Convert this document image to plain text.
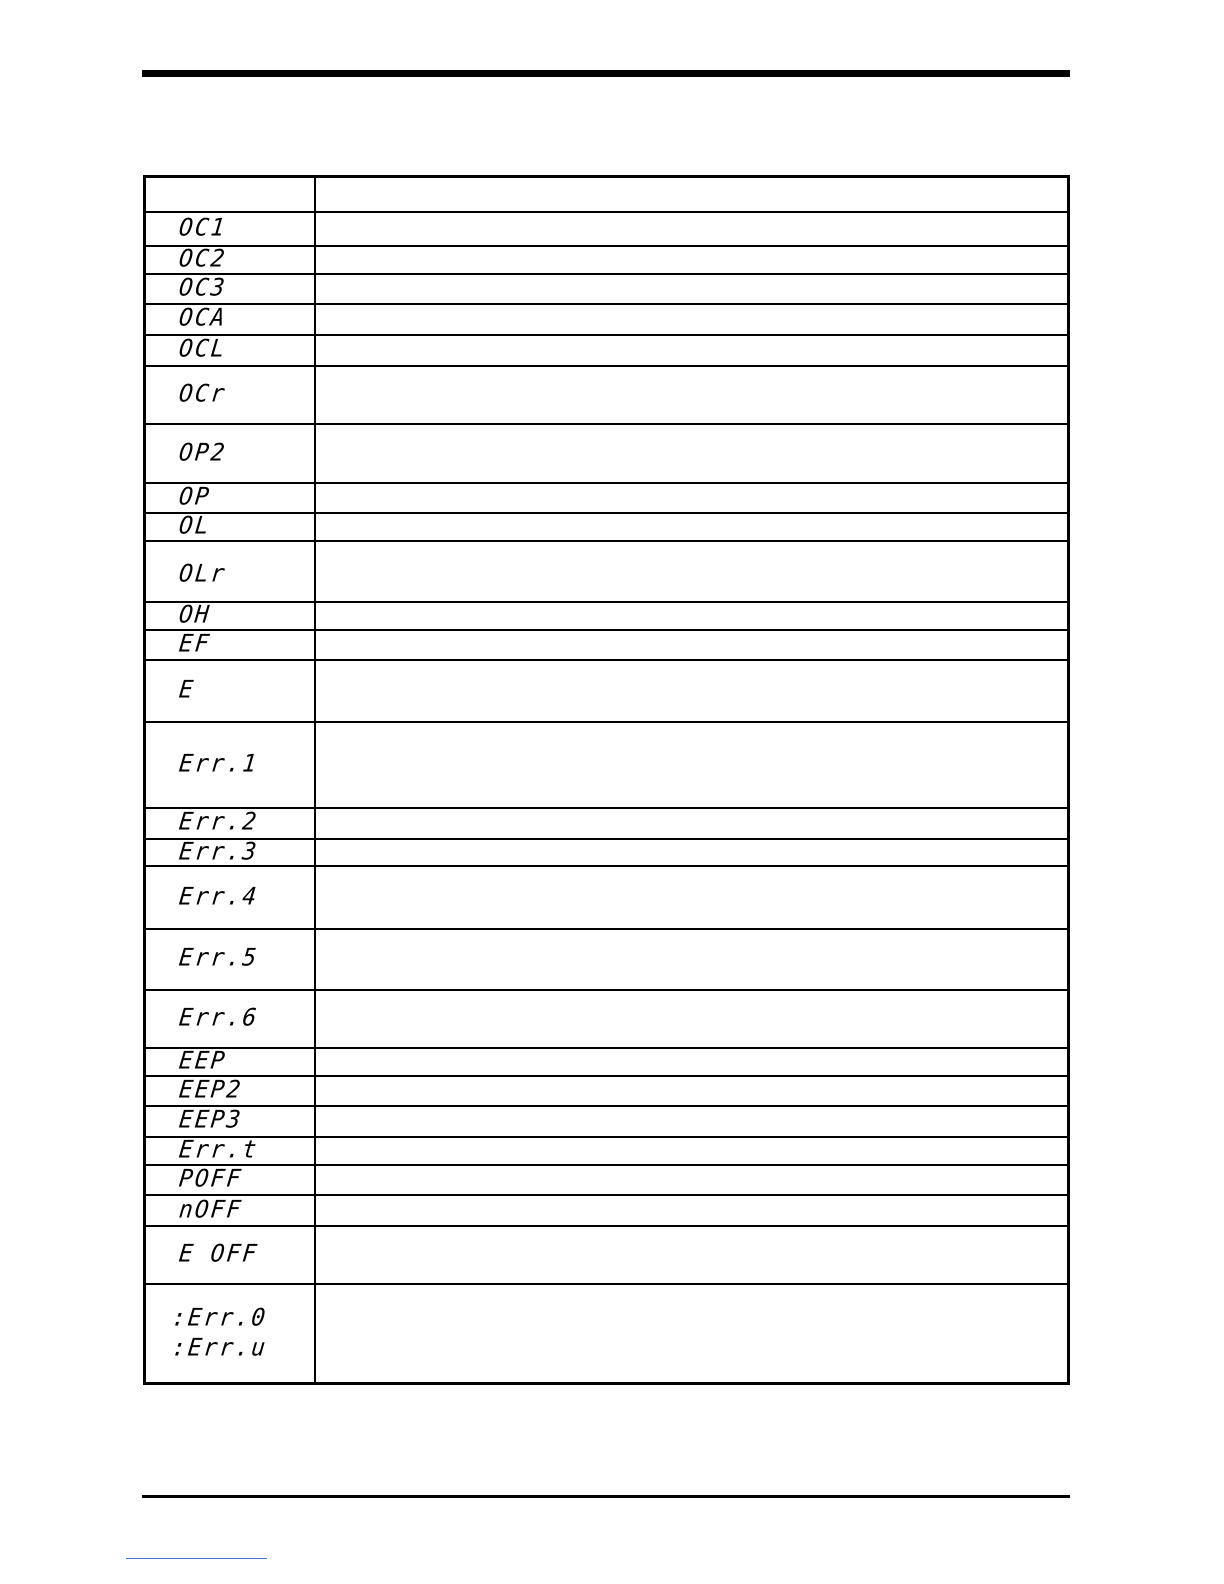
OC1
OC2
OC3
OCA
OCL
OCr
OP2
OP
OL
OLr
OH
EF
E
Err.1
Err.2
Err.3
Err.4
Err.5
Err.6
EEP
EEP2
EEP3
Err.t
POFF
nOFF
E OFF
:Err.0
:Err.u
